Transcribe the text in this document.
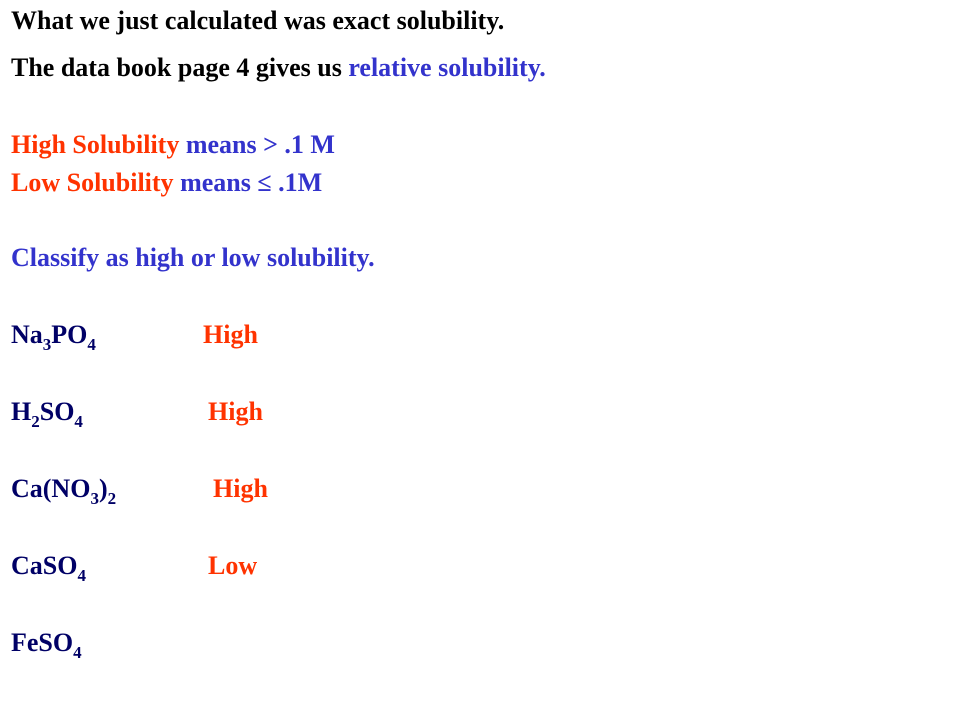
What we just calculated was exact solubility.
The data book page 4 gives us relative solubility.
High Solubility means > .1 M
Low Solubility means ≤ .1M
Classify as high or low solubility.
$Na_3PO_4$	High
$H_2SO_4$	High
$Ca(NO_3)_2$	High
CaSO$_4$	Low
FeSO$_4$
